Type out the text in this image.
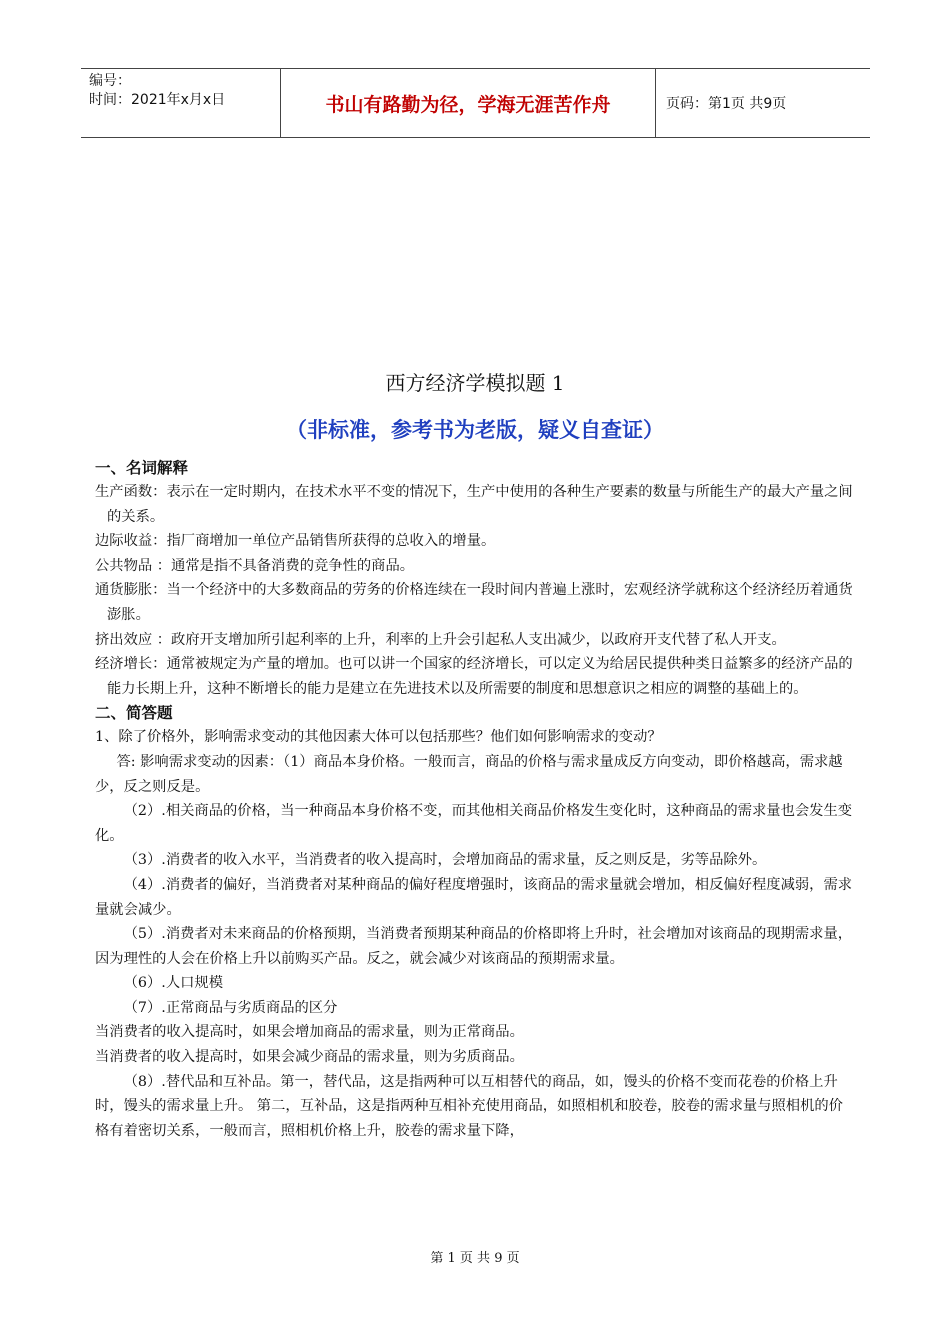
编号：
时间：2021年x月x日	书山有路勤为径，学海无涯苦作舟	页码：第1页 共9页
西方经济学模拟题 1
（非标准，参考书为老版，疑义自查证）
一、名词解释

生产函数：表示在一定时期内，在技术水平不变的情况下，生产中使用的各种生产要素的数量与所能生产的最大产量之间的关系。

边际收益：指厂商增加一单位产品销售所获得的总收入的增量。

公共物品 ：通常是指不具备消费的竞争性的商品。

通货膨胀：当一个经济中的大多数商品的劳务的价格连续在一段时间内普遍上涨时，宏观经济学就称这个经济经历着通货澎胀。

挤出效应 ：政府开支增加所引起利率的上升，利率的上升会引起私人支出减少，以政府开支代替了私人开支。

经济增长：通常被规定为产量的增加。也可以讲一个国家的经济增长，可以定义为给居民提供种类日益繁多的经济产品的能力长期上升，这种不断增长的能力是建立在先进技术以及所需要的制度和思想意识之相应的调整的基础上的。

二、简答题

1、除了价格外，影响需求变动的其他因素大体可以包括那些？他们如何影响需求的变动？

答: 影响需求变动的因素：（1）商品本身价格。一般而言，商品的价格与需求量成反方向变动，即价格越高，需求越少，反之则反是。

（2）.相关商品的价格，当一种商品本身价格不变，而其他相关商品价格发生变化时，这种商品的需求量也会发生变化。

（3）.消费者的收入水平，当消费者的收入提高时，会增加商品的需求量，反之则反是，劣等品除外。

（4）.消费者的偏好，当消费者对某种商品的偏好程度增强时，该商品的需求量就会增加，相反偏好程度减弱，需求量就会减少。

（5）.消费者对未来商品的价格预期，当消费者预期某种商品的价格即将上升时，社会增加对该商品的现期需求量，因为理性的人会在价格上升以前购买产品。反之，就会减少对该商品的预期需求量。

（6）.人口规模

（7）.正常商品与劣质商品的区分

当消费者的收入提高时，如果会增加商品的需求量，则为正常商品。

当消费者的收入提高时，如果会减少商品的需求量，则为劣质商品。

（8）.替代品和互补品。第一，替代品，这是指两种可以互相替代的商品，如，馒头的价格不变而花卷的价格上升时，馒头的需求量上升。 第二，互补品，这是指两种互相补充使用商品，如照相机和胶卷，胶卷的需求量与照相机的价格有着密切关系，一般而言，照相机价格上升，胶卷的需求量下降，

第 1 页 共 9 页
